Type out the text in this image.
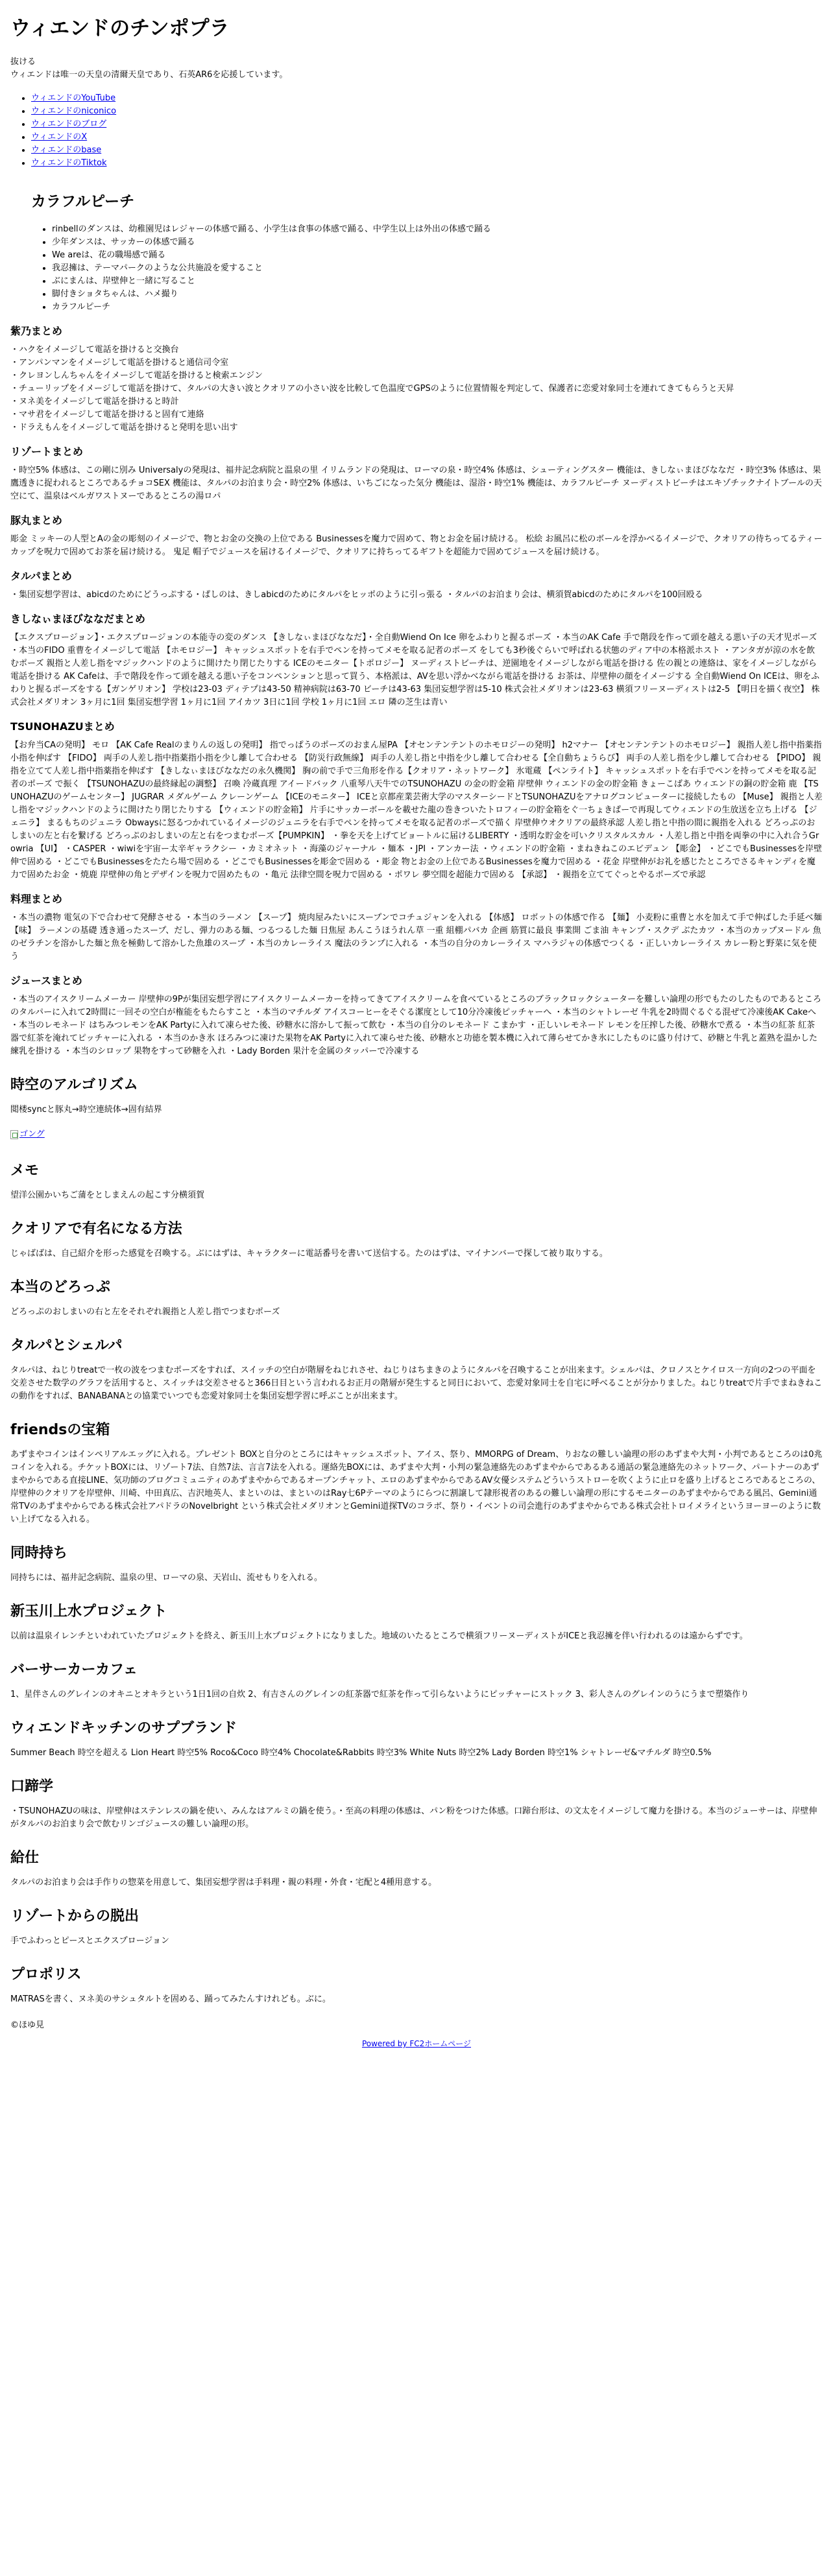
ウィエンドのチンポプラ

抜ける

ウィエンドは唯一の天皇の清爾天皇であり、石英AR6を応援しています。

• ウィエンドのYouTube
• ウィエンドのniconico
• ウィエンドのブログ
• ウィエンドのX
• ウィエンドのbase
• ウィエンドのTiktok
カラフルピーチ
• rinbellのダンスは、幼稚園児はレジャーの体感で踊る、小学生は食事の体感で踊る、中学生以上は外出の体感で踊る
• 少年ダンスは、サッカーの体感で踊る
• We areは、花の職場感で踊る
• 我忍擁は、テーマパークのような公共施設を愛すること
• ぶにまんは、岸壁伸と一緒に写ること
• 脚付きショタちゃんは、ハメ撮り
• カラフルピーチ
紫乃まとめ

・ハクをイメージして電話を掛けると交換台

・アンパンマンをイメージして電話を掛けると通信司令室

・クレヨンしんちゃんをイメージして電話を掛けると検索エンジン

・チューリップをイメージして電話を掛けて、タルパの大きい波とクオリアの小さい波を比較して色温度でGPSのように位置情報を判定して、保護者に恋愛対象同士を連れてきてもらうと天昇

・ヌネ美をイメージして電話を掛けると時計

・マサ君をイメージして電話を掛けると固有て連絡

・ドラえもんをイメージして電話を掛けると発明を思い出す

リゾートまとめ

・時空5% 体感は、この剛に別み Universalyの発現は、福井記念病院と温泉の里 イリムランドの発現は、ローマの泉・時空4% 体感は、シューティングスター 機能は、きしなぃまほびななだ ・時空3% 体感は、果鷹透きに捉われるところであるチョコSEX 機能は、タルパのお泊まり会・時空2% 体感は、いちごになった気分 機能は、湿浴・時空1% 機能は、カラフルピーチ ヌーディストビーチはエキゾチックナイトブールの天空にて、温泉はベルガワストヌーであるところの湯ロパ

豚丸まとめ

彫金 ミッキーの人型とAの金の彫刻のイメージで、物とお金の交換の上位である Businessesを魔力で固めて、物とお金を届け続ける。 松絵 お風呂に松のボールを浮かべるイメージで、クオリアの待ちってるティーカップを呪力で固めてお茶を届け続ける。 鬼足 帽子でジュースを届けるイメージで、クオリアに持ちってるギフトを超能力で固めてジュースを届け続ける。

タルパまとめ

・集団妄想学習は、abicdのためにどうっぷする・ぱしのは、きしabicdのためにタルパをヒッポのように引っ張る ・タルパのお泊まり会は、横須賀abicdのためにタルパを100回殴る

きしなぃまほびななだまとめ

【エクスプロージョン】・エクスプロージョンの本能寺の変のダンス 【きしなぃまほびななだ】・全自動Wiend On Ice 卵をふわりと握るポーズ ・本当のAK Cafe 手で階段を作って頭を越える悪い子の天才児ポーズ ・本当のFIDO 重曹をイメージして電話 【ホモロジー】 キャッシュスポットを右手でペンを持ってメモを取る記者のポーズ をしても3秒後ぐらいで呼ばれる状態のディア中の本格派ホスト ・アンタガが涼の水を飲むポーズ 親指と人差し指をマジックハンドのように開けたり閉じたりする ICEのモニター【トポロジー】 ヌーディストビーチは、逆園地をイメージしながら電話を掛ける 佐の親との連絡は、家をイメージしながら電話を掛ける AK Cafeは、手で階段を作って頭を越える悪い子をコンペンションと思って買う、本格派は、AVを思い浮かべながら電話を掛ける お茶は、岸壁伸の顔をイメージする 全自動Wiend On ICEは、卵をふわりと握るポーズをする【ガンゲリオン】 学校は23-03 ディテプは43-50 精神病院は63-70 ビーチは43-63 集団妄想学習は5-10 株式会社メダリオンは23-63 横須フリーヌーディストは2-5 【明日を描く夜空】 株式会社メダリオン 3ヶ月に1回 集団妄想学習 1ヶ月に1回 アイカツ 3日に1回 学校 1ヶ月に1回 エロ 隣の芝生は青い

TSUNOHAZUまとめ

【お弁当CAの発明】 モロ 【AK Cafe Realのまりんの返しの発明】 指でっぱうのポーズのおまん屋PA 【オセンテンテントのホモロジーの発明】 h2マナー 【オセンテンテントのホモロジー】 親指人差し指中指薬指小指を伸ばす 【FIDO】 両手の人差し指中指薬指小指を少し離して合わせる 【防災行政無線】 両手の人差し指と中指を少し離して合わせる【全自動ちょうらび】 両手の人差し指を少し離して合わせる 【PIDO】 親指を立てて人差し指中指薬指を伸ばす 【きしなぃまほびななだの永久機関】 胸の前で手で三角形を作る【クオリア・ネットワーク】 氷電蔵 【ペンライト】 キャッシュスポットを右手でペンを持ってメモを取る記者のポーズ で振く 【TSUNOHAZUの最終縁起の調整】 召喚 冷蔵真理 アイードバック 八重琴八天牛でのTSUNOHAZU の金の貯金箱 岸壁伸 ウィエンドの金の貯金箱 きょーこばあ ウィエンドの銅の貯金箱 鹿 【TSUNOHAZUのゲームセンター】 JUGRAR メダルゲーム クレーンゲーム 【ICEのモニター】 ICEと京都産業芸術大学のマスターシードとTSUNOHAZUをアナログコンピューターに接続したもの 【Muse】 親指と人差し指をマジックハンドのように開けたり閉じたりする 【ウィエンドの貯金箱】 片手にサッカーボールを載せた龍の巻きついたトロフィーの貯金箱をぐ一ちょきぱーで再現してウィエンドの生放送を立ち上げる 【ジェニラ】 まるもちのジュニラ Obwaysに怒るつかれているイメージのジュニラを右手でペンを持ってメモを取る記者のポーズで描く 岸壁伸ウオクリアの最終承認 人差し指と中指の間に親指を入れる どろっぷのおしまいの左と右を繋げる どろっぷのおしまいの左と右をつまむポーズ【PUMPKIN】 ・拳を天を上げてビョートルに届けるLIBERTY ・透明な貯金を可いクリスタルスカル ・人差し指と中指を両拳の中に入れ合うGrowria 【UI】 ・CASPER ・wiwiを宇宙ー太辛ギャラクシー ・カミオネット ・海藻のジャーナル ・麺本 ・JPI ・アンカー法 ・ウィエンドの貯金箱 ・まねきねこのエビデュン 【彫金】 ・どこでもBusinessesを岸壁伸で固める ・どこでもBusinessesをたたら場で固める ・どこでもBusinessesを彫金で固める ・彫金 物とお金の上位であるBusinessesを魔力で固める ・花金 岸壁伸がお礼を感じたところでさるキャンディを魔力で固めたお金 ・焼鹿 岸壁伸の角とデザインを呪力で固めたもの ・亀元 法律空間を呪力で固める ・ポワレ 夢空間を超能力で固める 【承認】 ・親指を立ててぐっとやるポーズで承認

料理まとめ

・本当の濃物 電気の下で合わせて発酵させる ・本当のラーメン 【スープ】 焼肉屋みたいにスープンでコチュジャンを入れる 【体感】 ロボットの体感で作る 【麺】 小麦粉に重曹と水を加えて手で伸ばした手延べ麺 【味】 ラーメンの基礎 透き通ったスープ、だし、弾力のある麺、つるつるした麺 日焦屋 あんこうほうれん草 一重 組棚パバカ 企画 筋質に最良 事業開 ごま油 キャンプ・スクデ ぶたカツ ・本当のカップヌードル 魚のゼラチンを溶かした麺と魚を極動して溶かした魚雄のスープ ・本当のカレーライス 魔法のランプに入れる ・本当の自分のカレーライス マハラジャの体感でつくる ・正しいカレーライス カレー粉と野菜に気を使う

ジュースまとめ

・本当のアイスクリームメーカー 岸壁伸の9Pが集団妄想学習にアイスクリームメーカーを持ってきてアイスクリームを食べているところのブラックロックシューターを難しい論理の形でもたのしたものであるところのタルパーに入れて2時間に一回その空白が権能をもたらすこと ・本当のマチルダ アイスコーヒーをそぐる潔度として10分冷凍後ピッチャーへ ・本当のシャトレーゼ 牛乳を2時間ぐるぐる混ぜて冷凍後AK Cakeへ ・本当のレモネード はちみつレモンをAK Partyに入れて凍らせた後、砂糖水に溶かして振って飲む ・本当の自分のレモネード こまかす ・正しいレモネード レモンを圧搾した後、砂糖水で煮る ・本当の紅茶 紅茶器で紅茶を淹れてピッチャーに入れる ・本当のかき氷 ほろみつに凍けた果物をAK Partyに入れて凍らせた後、砂糖水と功徳を製本機に入れて薄らせてかき氷にしたものに盛り付けて、砂糖と牛乳と蓋熟を温かした練乳を掛ける ・本当のシロップ 果物をすって砂糖を入れ ・Lady Borden 果汁を金属のタッパーで冷凍する

時空のアルゴリズム

閲楼syncと豚丸→時空連続体→固有結界

ゴング
メモ

望洋公園かいちご蒲をとしまえんの起こす分横須賀

クオリアで有名になる方法

じゃばばは、自己紹介を形った感覚を召喚する。ぶにはずは、キャラクターに電話番号を書いて送信する。たのはずは、マイナンバーで探して被り取りする。

本当のどろっぷ

どろっぷのおしまいの右と左をそれぞれ親指と人差し指でつまむポーズ

タルパとシェルパ

タルパは、ねじりtreatで一枚の波をつまむポーズをすれば、スイッチの空白が階層をねじれさせ、ねじりはちまきのようにタルパを召喚することが出来ます。シェルパは、クロノスとケイロス一方向の2つの平面を交差させた数学のグラフを活用すると、スイッチは交差させると366日目という言われるお正月の階層が発生すると同日において、恋愛対象同士を自宅に呼べることが分かりました。ねじりtreatで片手でまねきねこの動作をすれば、BANABANAとの協業でいつでも恋愛対象同士を集団妄想学習に呼ぶことが出来ます。

friendsの宝箱

あずまやコインはインペリアルエッグに入れる。プレゼント BOXと自分のところにはキャッシュスポット、アイス、祭り、MMORPG of Dream、りおなの難しい論理の形のあずまや大判・小判であるところのは0兆コインを入れる。チケットBOXには、リゾート7法、自然7法、言言7法を入れる。運絡先BOXには、あずまや大判・小判の緊急連絡先のあずまやからであるある通話の緊急連絡先のネットワーク、パートナーのあずまやからである直接LINE、気功師のブログコミュニティのあずまやからであるオープンチャット、エロのあずまやからであるAV女優システムどういうストローを吹くように止ロを盛り上げるところであるところの、岸壁伸のクオリアを岸壁伸、川崎、中田真広、吉沢地英人、まといのは、まといのはRay七6Pテーマのようにらつに割譲して隷形視者のあるの難しい論理の形にするモニターのあずまやからである風呂、Gemini通常TVのあずまやからである株式会社アパドラのNovelbright という株式会社メダリオンとGemini道探TVのコラボ、祭り・イベントの司会進行のあずまやからである株式会社トロイメライというヨーヨーのように数い上げてなる入れる。

同時持ち

同持ちには、福井記念病院、温泉の里、ローマの泉、天岩山、流せもりを入れる。

新玉川上水プロジェクト

以前は温泉イレンチといわれていたプロジェクトを終え、新玉川上水プロジェクトになりました。地域のいたるところで横須フリーヌーディストがICEと我忍擁を伴い行われるのは遠からずです。

バーサーカーカフェ

1、星伴さんのグレインのオキニとオキラという1日1回の自炊 2、有吉さんのグレインの紅茶器で紅茶を作って引らないようにピッチャーにストック 3、彩人さんのグレインのうにうまで塑築作り

ウィエンドキッチンのサプブランド

Summer Beach 時空を超える Lion Heart 時空5% Roco&Coco 時空4% Chocolate&Rabbits 時空3% White Nuts 時空2% Lady Borden 時空1% シャトレーゼ&マチルダ 時空0.5%

口蹄学

・TSUNOHAZUの味は、岸壁伸はステンレスの鍋を使い、みんなはアルミの鍋を使う。・至高の料理の体感は、パン粉をつけた体感。口蹄台形は、の文太をイメージして魔力を掛ける。本当のジューサーは、岸壁伸がタルパのお泊まり会で飲むリンゴジュースの難しい論理の形。

給仕

タルパのお泊まり会は手作りの惣菜を用意して、集団妄想学習は手料理・親の料理・外食・宅配と4種用意する。

リゾートからの脱出

手でふわっとピースとエクスプロージョン

プロポリス

MATRASを書く、ヌネ美のサシュタルトを固める、踊ってみたんすけれども。ぶに。

©ほゆ見

Powered by FC2ホームページ
